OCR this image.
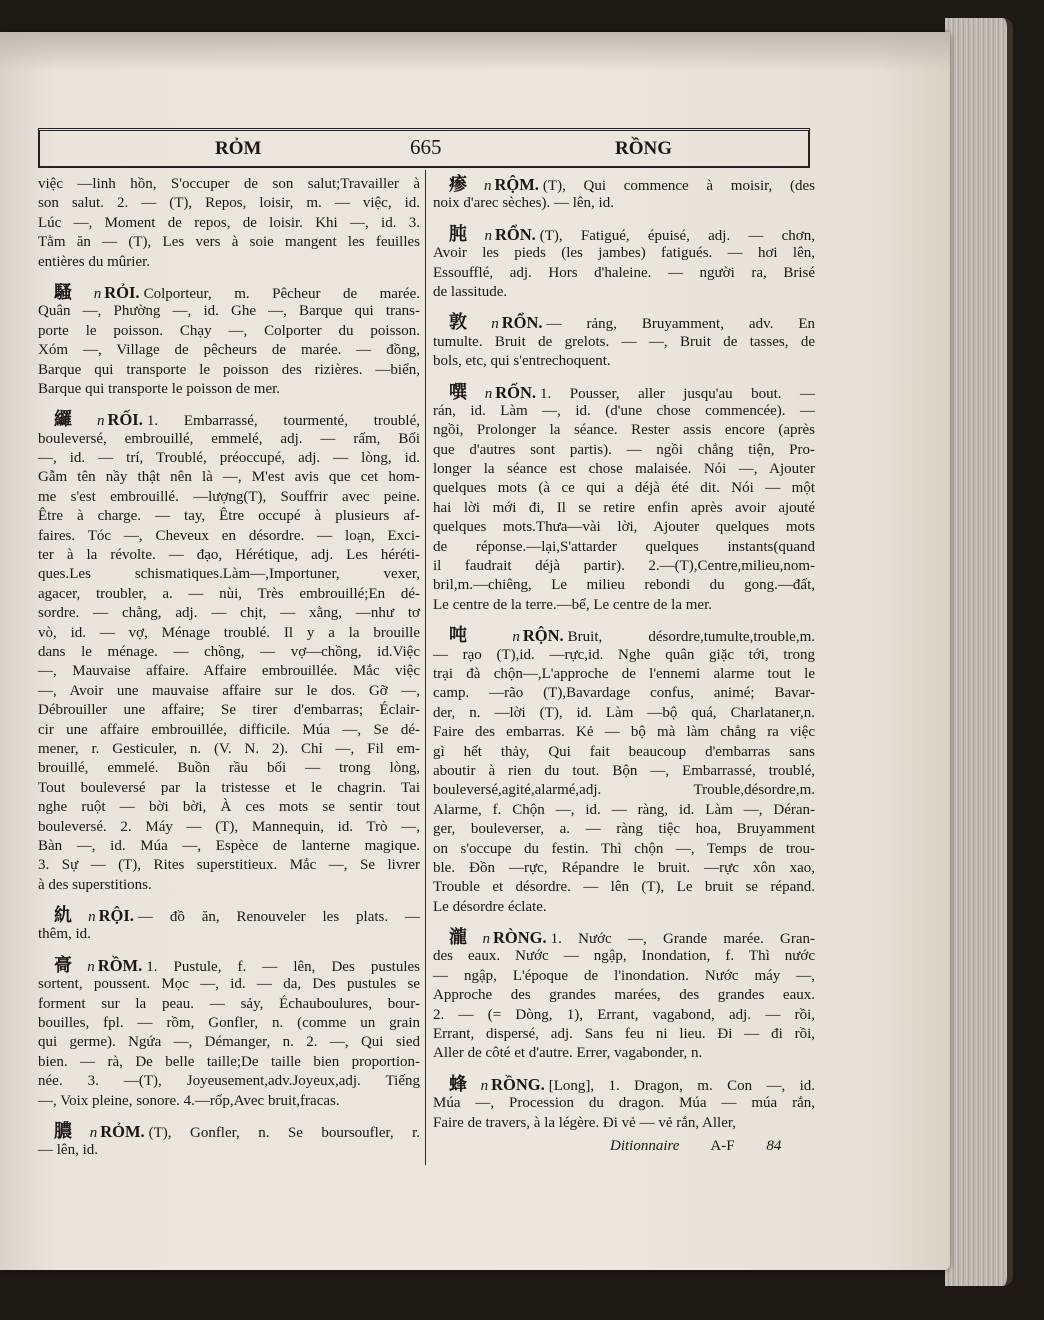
RỎM	665	RỒNG
việc —linh hồn, S'occuper de son salut;Travailler à
son salut. 2. — (T), Repos, loisir, m. — việc, id.
Lúc —, Moment de repos, de loisir. Khi —, id. 3.
Tằm ăn — (T), Les vers à soie mangent les feuilles
entières du mûrier.
騷 n RỎI. Colporteur, m. Pêcheur de marée.
Quân —, Phường —, id. Ghe —, Barque qui trans-
porte le poisson. Chạy —, Colporter du poisson.
Xóm —, Village de pêcheurs de marée. — đồng,
Barque qui transporte le poisson des rizières. —biển,
Barque qui transporte le poisson de mer.
纙 n RỐI. 1. Embarrassé, tourmenté, troublé,
bouleversé, embrouillé, emmelé, adj. — rấm, Bối
—, id. — trí, Troublé, préoccupé, adj. — lòng, id.
Gẫm tên nầy thật nên là —, M'est avis que cet hom-
me s'est embrouillé. —lượng(T), Souffrir avec peine.
Être à charge. — tay, Être occupé à plusieurs af-
faires. Tóc —, Cheveux en désordre. — loạn, Exci-
ter à la révolte. — đạo, Hérétique, adj. Les héréti-
ques.Les schismatiques.Làm—,Importuner, vexer,
agacer, troubler, a. — nùi, Très embrouillé;En dé-
sordre. — chằng, adj. — chịt, — xằng, —như tơ
vò, id. — vợ, Ménage troublé. Il y a la brouille
dans le ménage. — chồng, — vợ—chồng, id.Việc
—, Mauvaise affaire. Affaire embrouillée. Mắc việc
—, Avoir une mauvaise affaire sur le dos. Gỡ —,
Débrouiller une affaire; Se tirer d'embarras; Éclair-
cir une affaire embrouillée, difficile. Múa —, Se dé-
mener, r. Gesticuler, n. (V. N. 2). Chỉ —, Fil em-
brouillé, emmelé. Buồn rầu bối — trong lòng,
Tout bouleversé par la tristesse et le chagrin. Tai
nghe ruột — bời bời, À ces mots se sentir tout
bouleversé. 2. Máy — (T), Mannequin, id. Trò —,
Bàn —, id. Múa —, Espèce de lanterne magique.
3. Sự — (T), Rites superstitieux. Mắc —, Se livrer
à des superstitions.
䊵 n RỘI. — đồ ăn, Renouveler les plats. —
thêm, id.
䯧 n RỒM. 1. Pustule, f. — lên, Des pustules
sortent, poussent. Mọc —, id. — da, Des pustules se
forment sur la peau. — sảy, Échauboulures, bour-
bouilles, fpl. — rồm, Gonfler, n. (comme un grain
qui germe). Ngứa —, Démanger, n. 2. —, Qui sied
bien. — rà, De belle taille;De taille bien proportion-
née. 3. —(T), Joyeusement,adv.Joyeux,adj. Tiếng
—, Voix pleine, sonore. 4.—rốp,Avec bruit,fracas.
膿 n RỎM. (T), Gonfler, n. Se boursoufler, r.
— lên, id.
瘆 n RỘM. (T), Qui commence à moisir, (des
noix d'arec sèches). — lên, id.
肫 n RỔN. (T), Fatigué, épuisé, adj. — chơn,
Avoir les pieds (les jambes) fatigués. — hơi lên,
Essoufflé, adj. Hors d'haleine. — người ra, Brisé
de lassitude.
敦 n RỔN. — rảng, Bruyamment, adv. En
tumulte. Bruit de grelots. — —, Bruit de tasses, de
bols, etc, qui s'entrechoquent.
噀 n RỐN. 1. Pousser, aller jusqu'au bout. —
rán, id. Làm —, id. (d'une chose commencée). —
ngồi, Prolonger la séance. Rester assis encore (après
que d'autres sont partis). — ngồi chẳng tiện, Pro-
longer la séance est chose malaisée. Nói —, Ajouter
quelques mots (à ce qui a déjà été dit. Nói — một
hai lời mới đi, Il se retire enfin après avoir ajouté
quelques mots.Thưa—vài lời, Ajouter quelques mots
de réponse.—lại,S'attarder quelques instants(quand
il faudrait déjà partir). 2.—(T),Centre,milieu,nom-
bril,m.—chiêng, Le milieu rebondi du gong.—đất,
Le centre de la terre.—bể, Le centre de la mer.
吨 n RỘN. Bruit, désordre,tumulte,trouble,m.
— rạo (T),id. —rực,id. Nghe quân giặc tới, trong
trại đà chộn—,L'approche de l'ennemi alarme tout le
camp. —rão (T),Bavardage confus, animé; Bavar-
der, n. —lời (T), id. Làm —bộ quá, Charlataner,n.
Faire des embarras. Kẻ — bộ mà làm chẳng ra việc
gì hết thảy, Qui fait beaucoup d'embarras sans
aboutir à rien du tout. Bộn —, Embarrassé, troublé,
bouleversé,agité,alarmé,adj. Trouble,désordre,m.
Alarme, f. Chộn —, id. — ràng, id. Làm —, Déran-
ger, bouleverser, a. — ràng tiệc hoa, Bruyamment
on s'occupe du festin. Thì chộn —, Temps de trou-
ble. Đồn —rực, Répandre le bruit. —rực xôn xao,
Trouble et désordre. — lên (T), Le bruit se répand.
Le désordre éclate.
瀧 n RÒNG. 1. Nước —, Grande marée. Gran-
des eaux. Nước — ngập, Inondation, f. Thì nước
— ngập, L'époque de l'inondation. Nước máy —,
Approche des grandes marées, des grandes eaux.
2. — (= Dòng, 1), Errant, vagabond, adj. — rồi,
Errant, dispersé, adj. Sans feu ni lieu. Đi — đi rồi,
Aller de côté et d'autre. Errer, vagabonder, n.
蜂 n RỒNG. [Long], 1. Dragon, m. Con —, id.
Múa —, Procession du dragon. Múa — múa rắn,
Faire de travers, à la légère. Đi vẻ — vẻ rắn, Aller,
Ditionnaire A-F 84
